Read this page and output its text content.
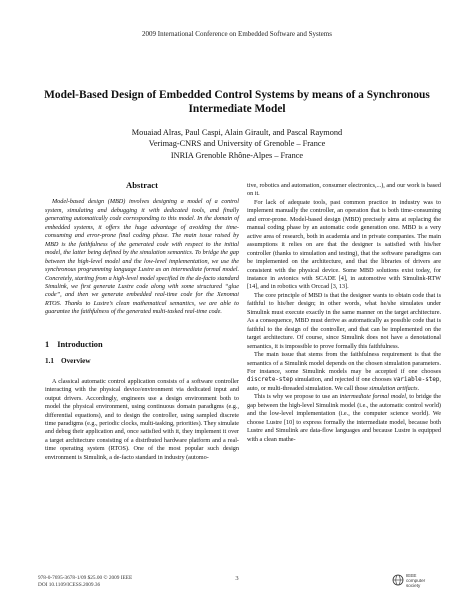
2009 International Conference on Embedded Software and Systems
Model-Based Design of Embedded Control Systems by means of a Synchronous Intermediate Model
Mouaiad Alras, Paul Caspi, Alain Girault, and Pascal Raymond
Verimag-CNRS and University of Grenoble – France
INRIA Grenoble Rhône-Alpes – France
Abstract

Model-based design (MBD) involves designing a model of a control system, simulating and debugging it with dedicated tools, and finally generating automatically code corresponding to this model. In the domain of embedded systems, it offers the huge advantage of avoiding the time-consuming and error-prone final coding phase. The main issue raised by MBD is the faithfulness of the generated code with respect to the initial model, the latter being defined by the simulation semantics. To bridge the gap between the high-level model and the low-level implementation, we use the synchronous programming language Lustre as an intermediate formal model. Concretely, starting from a high-level model specified in the de-facto standard Simulink, we first generate Lustre code along with some structured “glue code”, and then we generate embedded real-time code for the Xenomai RTOS. Thanks to Lustre’s clean mathematical semantics, we are able to guarantee the faithfulness of the generated multi-tasked real-time code.

1 Introduction
1.1 Overview

A classical automatic control application consists of a software controller interacting with the physical device/environment via dedicated input and output drivers. Accordingly, engineers use a design environment both to model the physical environment, using continuous domain paradigms (e.g., differential equations), and to design the controller, using sampled discrete time paradigms (e.g., periodic clocks, multi-tasking, priorities). They simulate and debug their application and, once satisfied with it, they implement it over a target architecture consisting of a distributed hardware platform and a real-time operating system (RTOS). One of the most popular such design environment is Simulink, a de-facto standard in industry (automo-

tive, robotics and automation, consumer electronics,...), and our work is based on it.

For lack of adequate tools, past common practice in industry was to implement manually the controller, an operation that is both time-consuming and error-prone. Model-based design (MBD) precisely aims at replacing the manual coding phase by an automatic code generation one. MBD is a very active area of research, both in academia and in private companies. The main assumptions it relies on are that the designer is satisfied with his/her controller (thanks to simulation and testing), that the software paradigms can be implemented on the architecture, and that the libraries of drivers are consistent with the physical device. Some MBD solutions exist today, for instance in avionics with SCADE [4], in automotive with Simulink-RTW [14], and in robotics with Orccad [3, 13].

The core principle of MBD is that the designer wants to obtain code that is faithful to his/her design; in other words, what he/she simulates under Simulink must execute exactly in the same manner on the target architecture. As a consequence, MBD must derive as automatically as possible code that is faithful to the design of the controller, and that can be implemented on the target architecture. Of course, since Simulink does not have a denotational semantics, it is impossible to prove formally this faithfulness.

The main issue that stems from the faithfulness requirement is that the semantics of a Simulink model depends on the chosen simulation parameters. For instance, some Simulink models may be accepted if one chooses discrete-step simulation, and rejected if one chooses variable-step, auto, or multi-threaded simulation. We call those simulation artifacts.

This is why we propose to use an intermediate formal model, to bridge the gap between the high-level Simulink model (i.e., the automatic control world) and the low-level implementation (i.e., the computer science world). We choose Lustre [10] to express formally the intermediate model, because both Lustre and Simulink are data-flow languages and because Lustre is equipped with a clean mathe-

978-0-7695-3678-1/09 $25.00 © 2009 IEEE
DOI 10.1109/ICESS.2009.36
3	IEEE
computer
society
